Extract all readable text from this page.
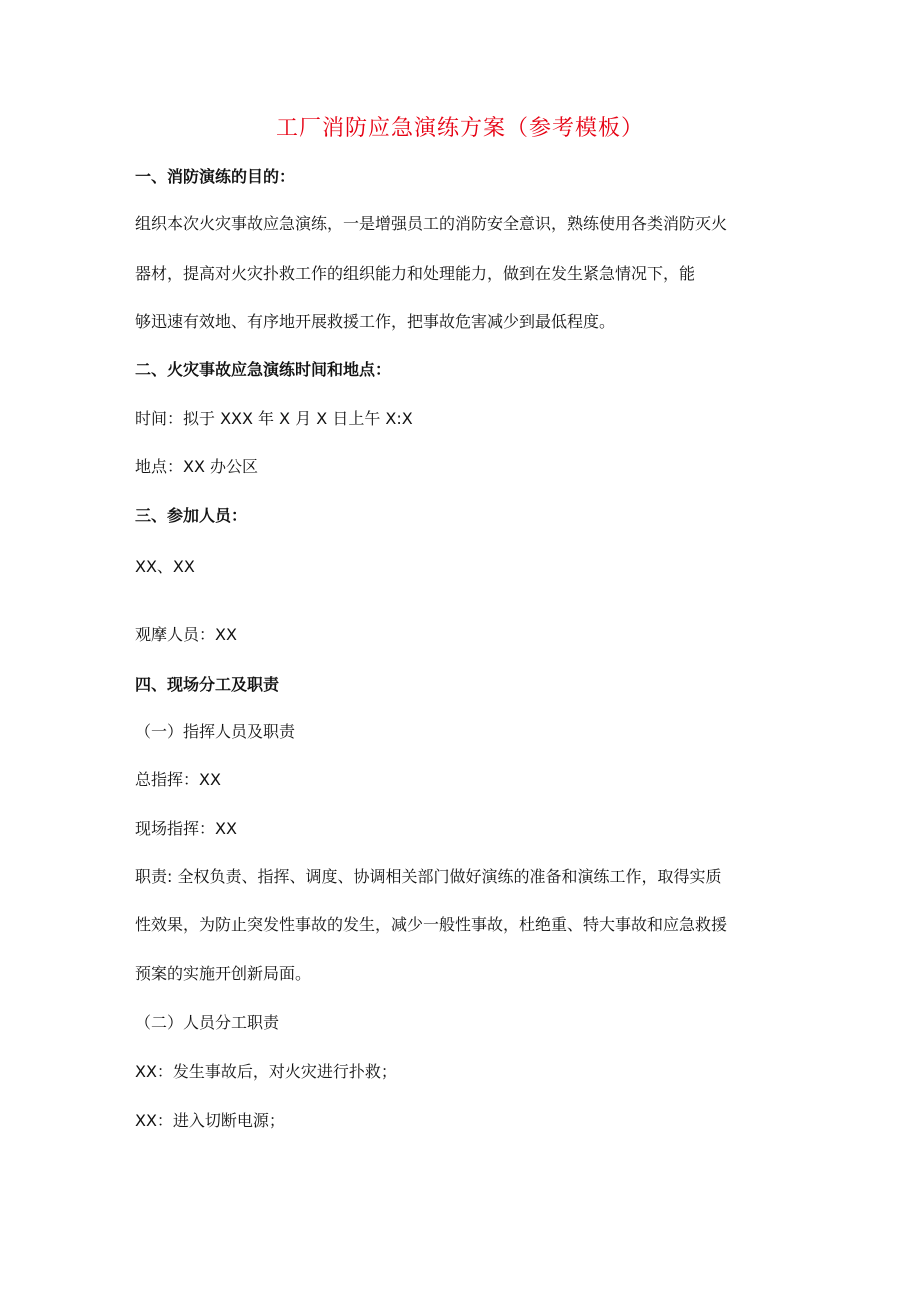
工厂消防应急演练方案（参考模板）
一、消防演练的目的：
组织本次火灾事故应急演练，一是增强员工的消防安全意识，熟练使用各类消防灭火
器材，提高对火灾扑救工作的组织能力和处理能力，做到在发生紧急情况下，能
够迅速有效地、有序地开展救援工作，把事故危害减少到最低程度。
二、火灾事故应急演练时间和地点：
时间：拟于 XXX 年 X 月 X 日上午 X:X
地点：XX 办公区
三、参加人员：
XX、XX
观摩人员：XX
四、现场分工及职责
（一）指挥人员及职责
总指挥：XX
现场指挥：XX
职责: 全权负责、指挥、调度、协调相关部门做好演练的准备和演练工作，取得实质
性效果，为防止突发性事故的发生，减少一般性事故，杜绝重、特大事故和应急救援
预案的实施开创新局面。
（二）人员分工职责
XX：发生事故后，对火灾进行扑救；
XX：进入切断电源；
